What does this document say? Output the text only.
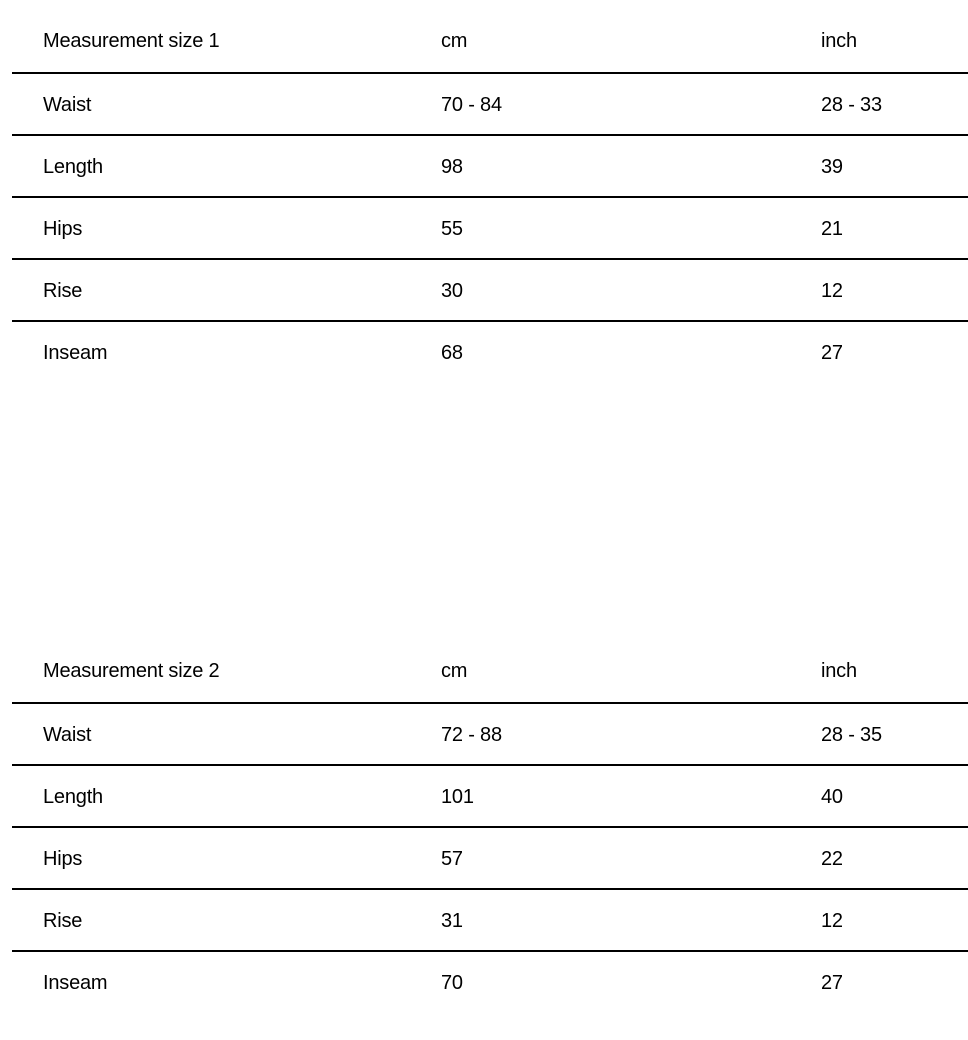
Measurement size 1	cm	inch
Waist	70 - 84	28 - 33
Length	98	39
Hips	55	21
Rise	30	12
Inseam	68	27
Measurement size 2	cm	inch
Waist	72 - 88	28 - 35
Length	101	40
Hips	57	22
Rise	31	12
Inseam	70	27
